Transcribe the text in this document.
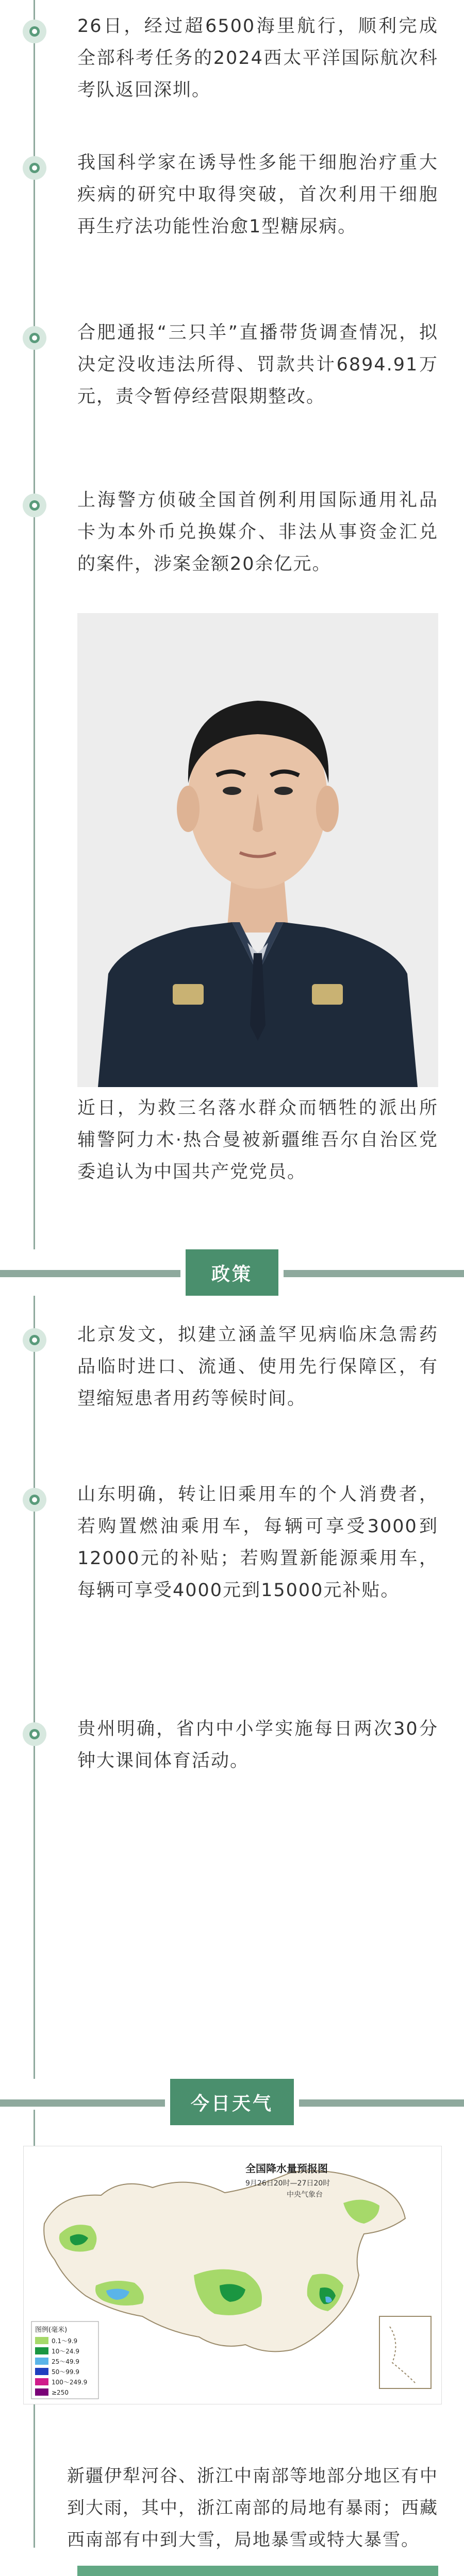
26日，经过超6500海里航行，顺利完成全部科考任务的2024西太平洋国际航次科考队返回深圳。
我国科学家在诱导性多能干细胞治疗重大疾病的研究中取得突破，首次利用干细胞再生疗法功能性治愈1型糖尿病。
合肥通报“三只羊”直播带货调查情况，拟决定没收违法所得、罚款共计6894.91万元，责令暂停经营限期整改。
上海警方侦破全国首例利用国际通用礼品卡为本外币兑换媒介、非法从事资金汇兑的案件，涉案金额20余亿元。
近日，为救三名落水群众而牺牲的派出所辅警阿力木·热合曼被新疆维吾尔自治区党委追认为中国共产党党员。
政策
北京发文，拟建立涵盖罕见病临床急需药品临时进口、流通、使用先行保障区，有望缩短患者用药等候时间。
山东明确，转让旧乘用车的个人消费者，若购置燃油乘用车，每辆可享受3000到12000元的补贴；若购置新能源乘用车，每辆可享受4000元到15000元补贴。
贵州明确，省内中小学实施每日两次30分钟大课间体育活动。
今日天气
全国降水量预报图
9月26日20时—27日20时
中央气象台
图例(毫米)
0.1～9.9
10～24.9
25～49.9
50～99.9
100～249.9
≥250
新疆伊犁河谷、浙江中南部等地部分地区有中到大雨，其中，浙江南部的局地有暴雨；西藏西南部有中到大雪，局地暴雪或特大暴雪。
